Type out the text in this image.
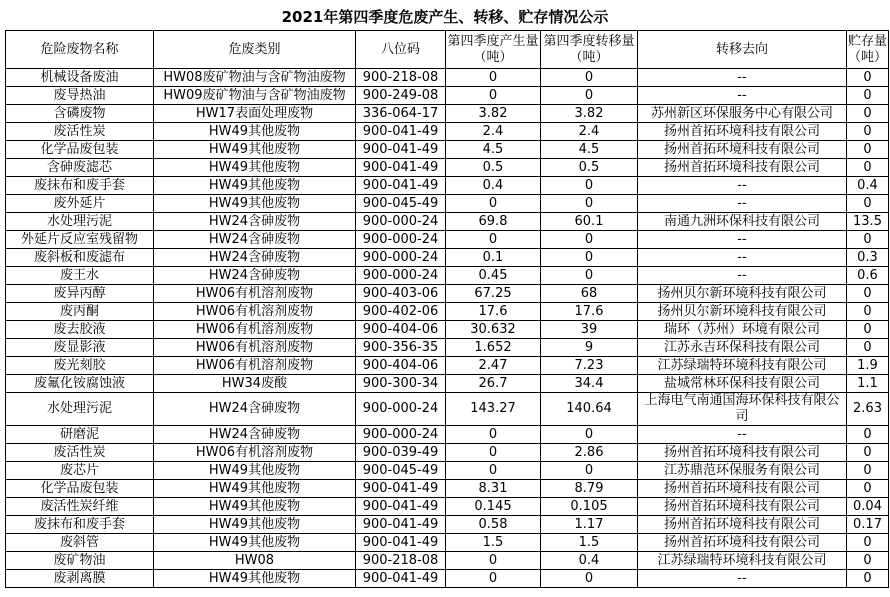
2021年第四季度危废产生、转移、贮存情况公示
危险废物名称	危废类别	八位码	第四季度产生量（吨）	第四季度转移量（吨）	转移去向	贮存量（吨）
机械设备废油	HW08废矿物油与含矿物油废物	900-218-08	0	0	--	0
废导热油	HW09废矿物油与含矿物油废物	900-249-08	0	0	--	0
含磷废物	HW17表面处理废物	336-064-17	3.82	3.82	苏州新区环保服务中心有限公司	0
废活性炭	HW49其他废物	900-041-49	2.4	2.4	扬州首拓环境科技有限公司	0
化学品废包装	HW49其他废物	900-041-49	4.5	4.5	扬州首拓环境科技有限公司	0
含砷废滤芯	HW49其他废物	900-041-49	0.5	0.5	扬州首拓环境科技有限公司	0
废抹布和废手套	HW49其他废物	900-041-49	0.4	0	--	0.4
废外延片	HW49其他废物	900-045-49	0	0	--	0
水处理污泥	HW24含砷废物	900-000-24	69.8	60.1	南通九洲环保科技有限公司	13.5
外延片反应室残留物	HW24含砷废物	900-000-24	0	0	--	0
废斜板和废滤布	HW24含砷废物	900-000-24	0.1	0	--	0.3
废王水	HW24含砷废物	900-000-24	0.45	0	--	0.6
废异丙醇	HW06有机溶剂废物	900-403-06	67.25	68	扬州贝尔新环境科技有限公司	0
废丙酮	HW06有机溶剂废物	900-402-06	17.6	17.6	扬州贝尔新环境科技有限公司	0
废去胶液	HW06有机溶剂废物	900-404-06	30.632	39	瑞环（苏州）环境有限公司	0
废显影液	HW06有机溶剂废物	900-356-35	1.652	9	江苏永吉环保科技有限公司	0
废光刻胶	HW06有机溶剂废物	900-404-06	2.47	7.23	江苏绿瑞特环境科技有限公司	1.9
废氟化铵腐蚀液	HW34废酸	900-300-34	26.7	34.4	盐城常林环保科技有限公司	1.1
水处理污泥	HW24含砷废物	900-000-24	143.27	140.64	上海电气南通国海环保科技有限公司	2.63
研磨泥	HW24含砷废物	900-000-24	0	0	--	0
废活性炭	HW06有机溶剂废物	900-039-49	0	2.86	扬州首拓环境科技有限公司	0
废芯片	HW49其他废物	900-045-49	0	0	江苏鼎范环保服务有限公司	0
化学品废包装	HW49其他废物	900-041-49	8.31	8.79	扬州首拓环境科技有限公司	0
废活性炭纤维	HW49其他废物	900-041-49	0.145	0.105	扬州首拓环境科技有限公司	0.04
废抹布和废手套	HW49其他废物	900-041-49	0.58	1.17	扬州首拓环境科技有限公司	0.17
废斜管	HW49其他废物	900-041-49	1.5	1.5	扬州首拓环境科技有限公司	0
废矿物油	HW08	900-218-08	0	0.4	江苏绿瑞特环境科技有限公司	0
废剥离膜	HW49其他废物	900-041-49	0	0	--	0
